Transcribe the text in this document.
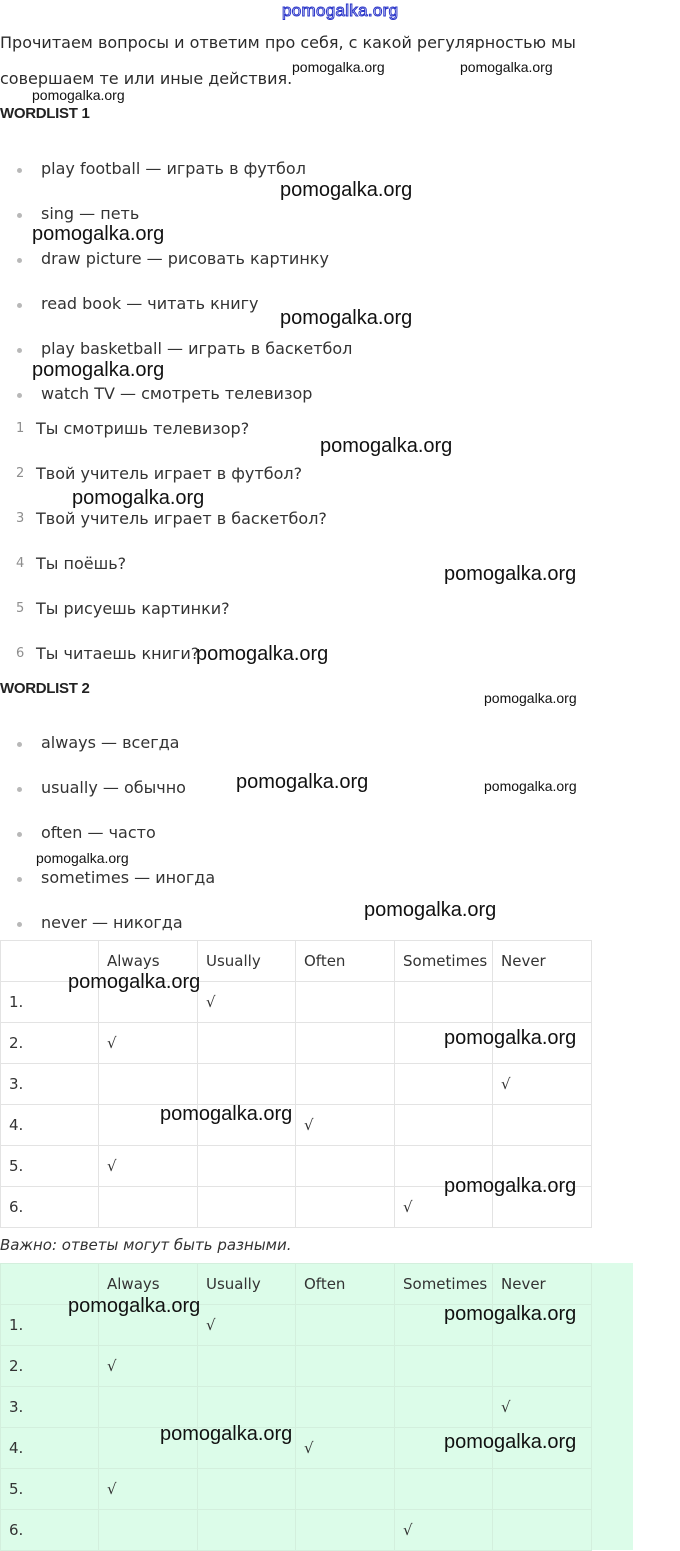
pomogalka.org
Прочитаем вопросы и ответим про себя, с какой регулярностью мы
совершаем те или иные действия.
WORDLIST 1
play football — играть в футбол
sing — петь
draw picture — рисовать картинку
read book — читать книгу
play basketball — играть в баскетбол
watch TV — смотреть телевизор
1 Ты смотришь телевизор?
2 Твой учитель играет в футбол?
3 Твой учитель играет в баскетбол?
4 Ты поёшь?
5 Ты рисуешь картинки?
6 Ты читаешь книги?
WORDLIST 2
always — всегда
usually — обычно
often — часто
sometimes — иногда
never — никогда
	Always	Usually	Often	Sometimes	Never
1.		√			
2.	√				
3.					√
4.			√		
5.	√				
6.				√	
Важно: ответы могут быть разными.
	Always	Usually	Often	Sometimes	Never
1.		√			
2.	√				
3.					√
4.			√		
5.	√				
6.				√	
pomogalka.org	pomogalka.org
pomogalka.org
pomogalka.org
pomogalka.org
pomogalka.org
pomogalka.org
pomogalka.org
pomogalka.org
pomogalka.org
pomogalka.org
pomogalka.org
pomogalka.org	pomogalka.org
pomogalka.org
pomogalka.org
pomogalka.org
pomogalka.org
pomogalka.org
pomogalka.org
pomogalka.org	pomogalka.org
pomogalka.org	pomogalka.org
